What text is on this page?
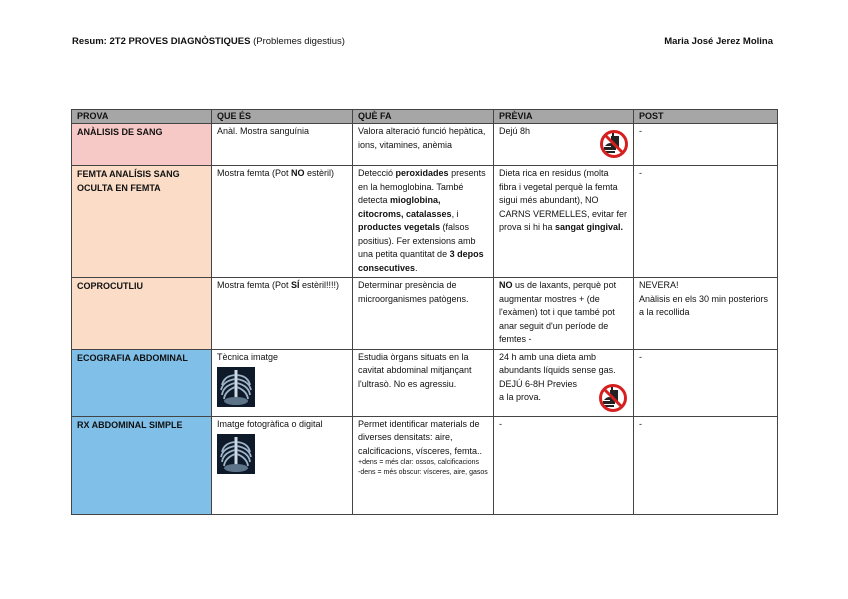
Resum: 2T2 PROVES DIAGNÒSTIQUES (Problemes digestius)	Maria José Jerez Molina
PROVA	QUE ÉS	QUÈ FA	PRÈVIA	POST
ANÀLISIS DE SANG	Anàl. Mostra sanguínia	Valora alteració funció hepàtica, ions, vitamines, anèmia	Dejú 8h	-
FEMTA ANALÍSIS SANG OCULTA EN FEMTA	Mostra femta (Pot NO estèril)	Detecció peroxidades presents en la hemoglobina. També detecta mioglobina, citocroms, catalasses, i productes vegetals (falsos positius). Fer extensions amb una petita quantitat de 3 depos consecutives.	Dieta rica en residus (molta fibra i vegetal perquè la femta sigui més abundant), NO CARNS VERMELLES, evitar fer prova si hi ha sangat gingival.	-
COPROCUTLIU	Mostra femta (Pot SÍ estèril!!!!)	Determinar presència de microorganismes patògens.	NO us de laxants, perquè pot augmentar mostres + (de l'exàmen) tot i que també pot anar seguit d'un període de femtes -	NEVERA!
Anàlisis en els 30 min posteriors a la recollida

ECOGRAFIA ABDOMINAL	Tècnica imatge	Estudia òrgans situats en la cavitat abdominal mitjançant l'ultrasò. No es agressiu.	24 h amb una dieta amb abundants líquids sense gas.
DEJÚ 6-8H Previes
a la prova.	-
RX ABDOMINAL SIMPLE	Imatge fotogràfica o digital	Permet identificar materials de diverses densitats: aire, calcificacions, vísceres, femta..
+dens = més clar: ossos, calcificacions
-dens = més obscur: vísceres, aire, gasos	-	-
